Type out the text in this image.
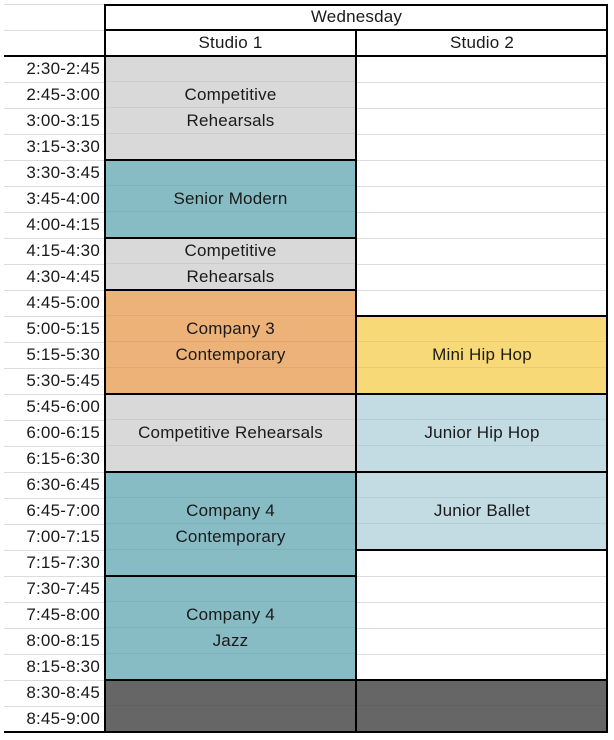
Wednesday
Studio 1	Studio 2
2:30-2:45
2:45-3:00
3:00-3:15
3:15-3:30
3:30-3:45
3:45-4:00
4:00-4:15
4:15-4:30
4:30-4:45
4:45-5:00
5:00-5:15
5:15-5:30
5:30-5:45
5:45-6:00
6:00-6:15
6:15-6:30
6:30-6:45
6:45-7:00
7:00-7:15
7:15-7:30
7:30-7:45
7:45-8:00
8:00-8:15
8:15-8:30
8:30-8:45
8:45-9:00
Competitive
Rehearsals
Senior Modern
Competitive
Rehearsals
Company 3
Contemporary
Competitive Rehearsals
Company 4
Contemporary
Company 4
Jazz
Mini Hip Hop
Junior Hip Hop
Junior Ballet
